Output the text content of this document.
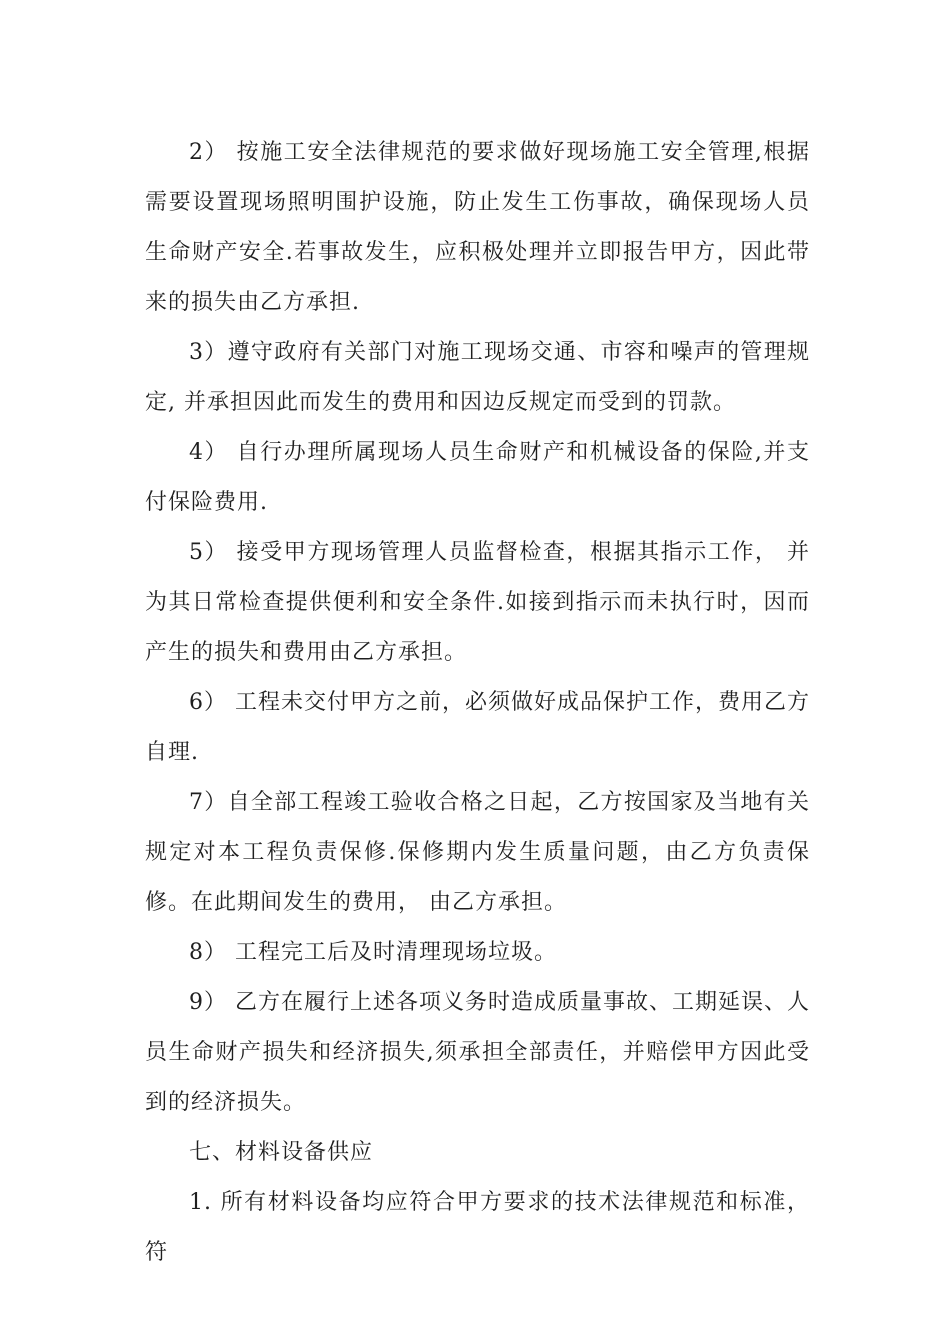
2） 按施工安全法律规范的要求做好现场施工安全管理,根据需要设置现场照明围护设施，防止发生工伤事故，确保现场人员生命财产安全.若事故发生，应积极处理并立即报告甲方，因此带来的损失由乙方承担.

3）遵守政府有关部门对施工现场交通、市容和噪声的管理规定, 并承担因此而发生的费用和因边反规定而受到的罚款。

4） 自行办理所属现场人员生命财产和机械设备的保险,并支付保险费用.

5） 接受甲方现场管理人员监督检查，根据其指示工作， 并为其日常检查提供便利和安全条件.如接到指示而未执行时，因而产生的损失和费用由乙方承担。

6） 工程未交付甲方之前，必须做好成品保护工作，费用乙方自理.

7）自全部工程竣工验收合格之日起，乙方按国家及当地有关规定对本工程负责保修.保修期内发生质量问题，由乙方负责保修。在此期间发生的费用， 由乙方承担。

8） 工程完工后及时清理现场垃圾。

9） 乙方在履行上述各项义务时造成质量事故、工期延误、人员生命财产损失和经济损失,须承担全部责任，并赔偿甲方因此受到的经济损失。

七、材料设备供应

1. 所有材料设备均应符合甲方要求的技术法律规范和标准，符
